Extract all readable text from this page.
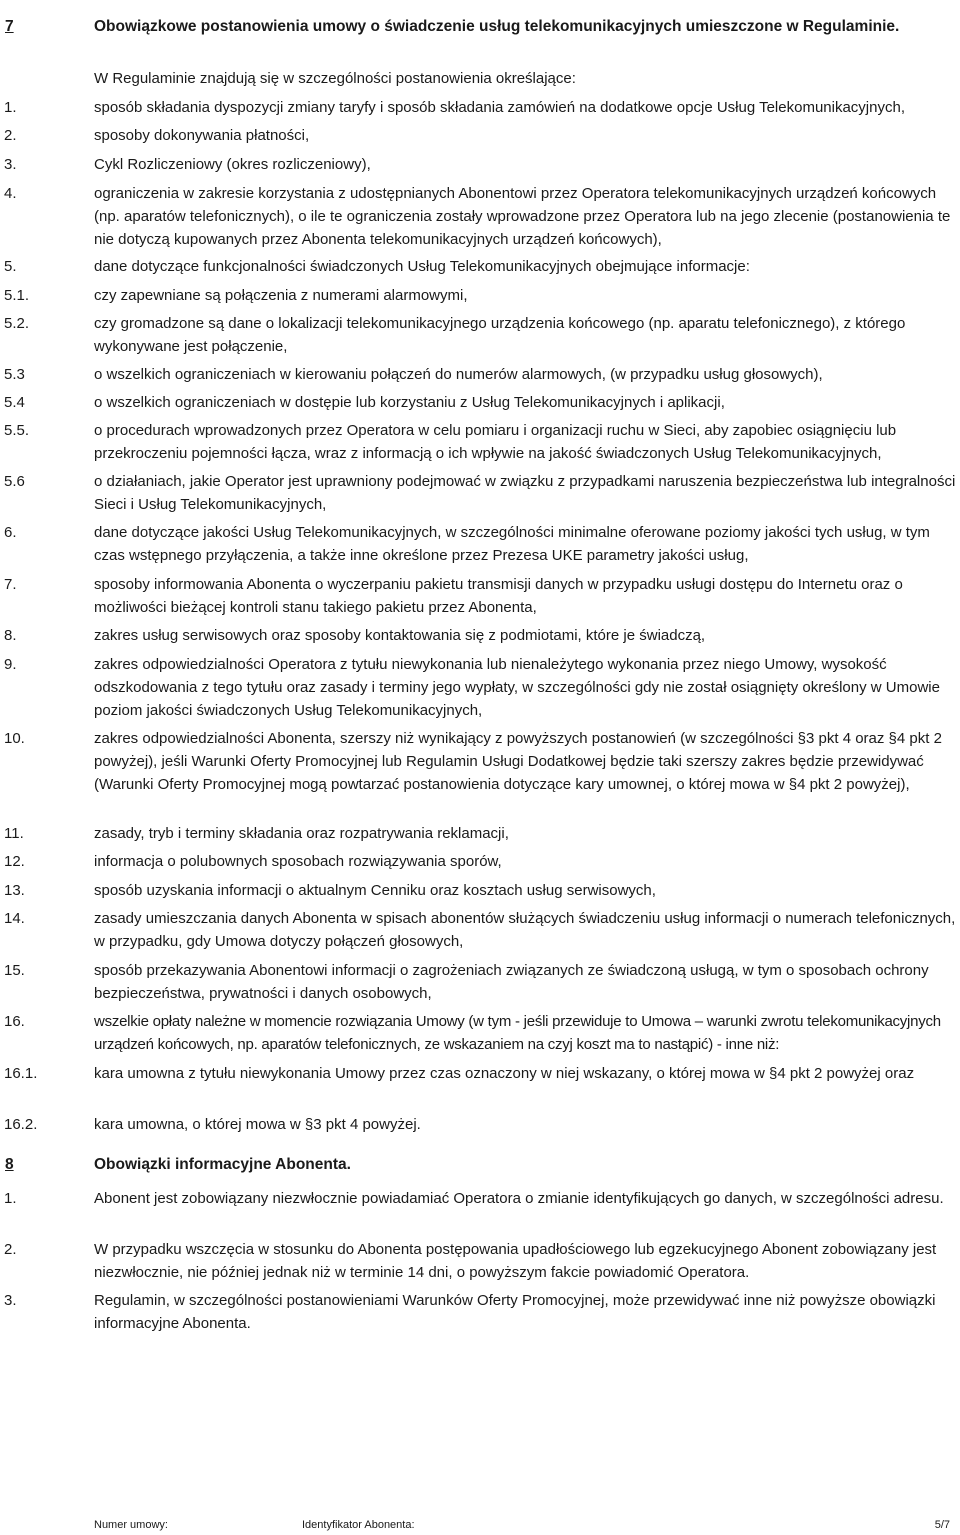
7	Obowiązkowe postanowienia umowy o świadczenie usług telekomunikacyjnych umieszczone w Regulaminie.
W Regulaminie znajdują się w szczególności postanowienia określające:
1.	sposób składania dyspozycji zmiany taryfy i sposób składania zamówień na dodatkowe opcje Usług Telekomunikacyjnych,
2.	sposoby dokonywania płatności,
3.	Cykl Rozliczeniowy (okres rozliczeniowy),
4.	ograniczenia w zakresie korzystania z udostępnianych Abonentowi przez Operatora telekomunikacyjnych urządzeń końcowych (np. aparatów telefonicznych), o ile te ograniczenia zostały wprowadzone przez Operatora lub na jego zlecenie (postanowienia te nie dotyczą kupowanych przez Abonenta telekomunikacyjnych urządzeń końcowych),
5.	dane dotyczące funkcjonalności świadczonych Usług Telekomunikacyjnych obejmujące informacje:
5.1.	czy zapewniane są połączenia z numerami alarmowymi,
5.2.	czy gromadzone są dane o lokalizacji telekomunikacyjnego urządzenia końcowego (np. aparatu telefonicznego), z którego wykonywane jest połączenie,
5.3	o wszelkich ograniczeniach w kierowaniu połączeń do numerów alarmowych, (w przypadku usług głosowych),
5.4	o wszelkich ograniczeniach w dostępie lub korzystaniu z Usług Telekomunikacyjnych i aplikacji,
5.5.	o procedurach wprowadzonych przez Operatora w celu pomiaru i organizacji ruchu w Sieci, aby zapobiec osiągnięciu lub przekroczeniu pojemności łącza, wraz z informacją o ich wpływie na jakość świadczonych Usług Telekomunikacyjnych,
5.6	o działaniach, jakie Operator jest uprawniony podejmować w związku z przypadkami naruszenia bezpieczeństwa lub integralności Sieci i Usług Telekomunikacyjnych,
6.	dane dotyczące jakości Usług Telekomunikacyjnych, w szczególności minimalne oferowane poziomy jakości tych usług, w tym czas wstępnego przyłączenia, a także inne określone przez Prezesa UKE parametry jakości usług,
7.	sposoby informowania Abonenta o wyczerpaniu pakietu transmisji danych w przypadku usługi dostępu do Internetu oraz o możliwości bieżącej kontroli stanu takiego pakietu przez Abonenta,
8.	zakres usług serwisowych oraz sposoby kontaktowania się z podmiotami, które je świadczą,
9.	zakres odpowiedzialności Operatora z tytułu niewykonania lub nienależytego wykonania przez niego Umowy, wysokość odszkodowania z tego tytułu oraz zasady i terminy jego wypłaty, w szczególności gdy nie został osiągnięty określony w Umowie poziom jakości świadczonych Usług Telekomunikacyjnych,
10.	zakres odpowiedzialności Abonenta, szerszy niż wynikający z powyższych postanowień (w szczególności §3 pkt 4 oraz §4 pkt 2 powyżej), jeśli Warunki Oferty Promocyjnej lub Regulamin Usługi Dodatkowej będzie taki szerszy zakres będzie przewidywać (Warunki Oferty Promocyjnej mogą powtarzać postanowienia dotyczące kary umownej, o której mowa w §4 pkt 2 powyżej),
11.	zasady, tryb i terminy składania oraz rozpatrywania reklamacji,
12.	informacja o polubownych sposobach rozwiązywania sporów,
13.	sposób uzyskania informacji o aktualnym Cenniku oraz kosztach usług serwisowych,
14.	zasady umieszczania danych Abonenta w spisach abonentów służących świadczeniu usług informacji o numerach telefonicznych, w przypadku, gdy Umowa dotyczy połączeń głosowych,
15.	sposób przekazywania Abonentowi informacji o zagrożeniach związanych ze świadczoną usługą, w tym o sposobach ochrony bezpieczeństwa, prywatności i danych osobowych,
16.	wszelkie opłaty należne w momencie rozwiązania Umowy (w tym - jeśli przewiduje to Umowa – warunki zwrotu telekomunikacyjnych urządzeń końcowych, np. aparatów telefonicznych, ze wskazaniem na czyj koszt ma to nastąpić) - inne niż:
16.1.	kara umowna z tytułu niewykonania Umowy przez czas oznaczony w niej wskazany, o której mowa w §4 pkt 2 powyżej oraz
16.2.	kara umowna, o której mowa w §3 pkt 4 powyżej.
8	Obowiązki informacyjne Abonenta.
1.	Abonent jest zobowiązany niezwłocznie powiadamiać Operatora o zmianie identyfikujących go danych, w szczególności adresu.
2.	W przypadku wszczęcia w stosunku do Abonenta postępowania upadłościowego lub egzekucyjnego Abonent zobowiązany jest niezwłocznie, nie później jednak niż w terminie 14 dni, o powyższym fakcie powiadomić Operatora.
3.	Regulamin, w szczególności postanowieniami Warunków Oferty Promocyjnej, może przewidywać inne niż powyższe obowiązki informacyjne Abonenta.
Numer umowy:	Identyfikator Abonenta:	5/7
